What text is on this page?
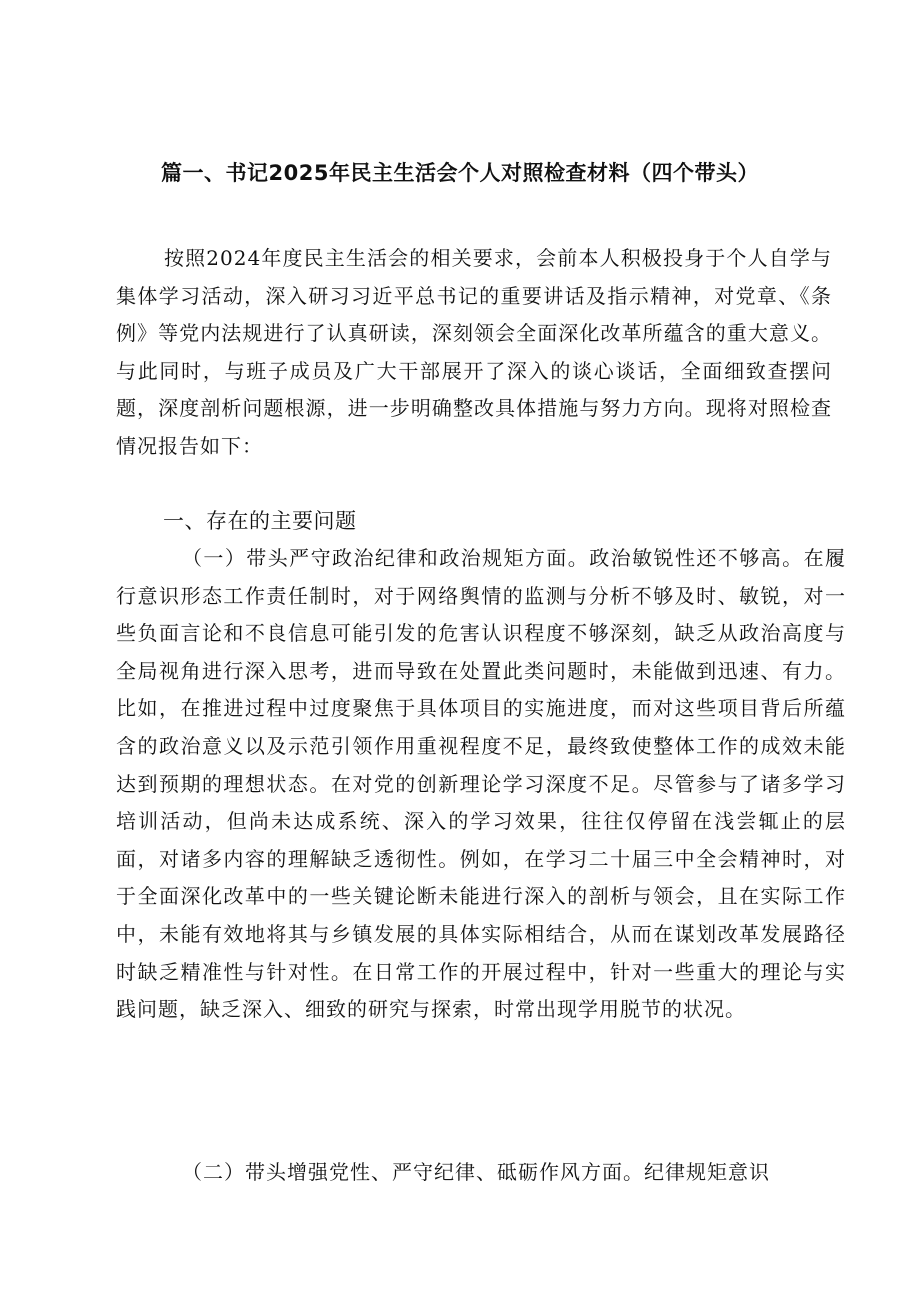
篇一、书记2025年民主生活会个人对照检查材料（四个带头）

按照2024年度民主生活会的相关要求，会前本人积极投身于个人自学与集体学习活动，深入研习习近平总书记的重要讲话及指示精神，对党章、《条例》等党内法规进行了认真研读，深刻领会全面深化改革所蕴含的重大意义。与此同时，与班子成员及广大干部展开了深入的谈心谈话，全面细致查摆问题，深度剖析问题根源，进一步明确整改具体措施与努力方向。现将对照检查情况报告如下：

一、存在的主要问题

（一）带头严守政治纪律和政治规矩方面。政治敏锐性还不够高。在履行意识形态工作责任制时，对于网络舆情的监测与分析不够及时、敏锐，对一些负面言论和不良信息可能引发的危害认识程度不够深刻，缺乏从政治高度与全局视角进行深入思考，进而导致在处置此类问题时，未能做到迅速、有力。比如，在推进过程中过度聚焦于具体项目的实施进度，而对这些项目背后所蕴含的政治意义以及示范引领作用重视程度不足，最终致使整体工作的成效未能达到预期的理想状态。在对党的创新理论学习深度不足。尽管参与了诸多学习培训活动，但尚未达成系统、深入的学习效果，往往仅停留在浅尝辄止的层面，对诸多内容的理解缺乏透彻性。例如，在学习二十届三中全会精神时，对于全面深化改革中的一些关键论断未能进行深入的剖析与领会，且在实际工作中，未能有效地将其与乡镇发展的具体实际相结合，从而在谋划改革发展路径时缺乏精准性与针对性。在日常工作的开展过程中，针对一些重大的理论与实践问题，缺乏深入、细致的研究与探索，时常出现学用脱节的状况。

（二）带头增强党性、严守纪律、砥砺作风方面。纪律规矩意识
